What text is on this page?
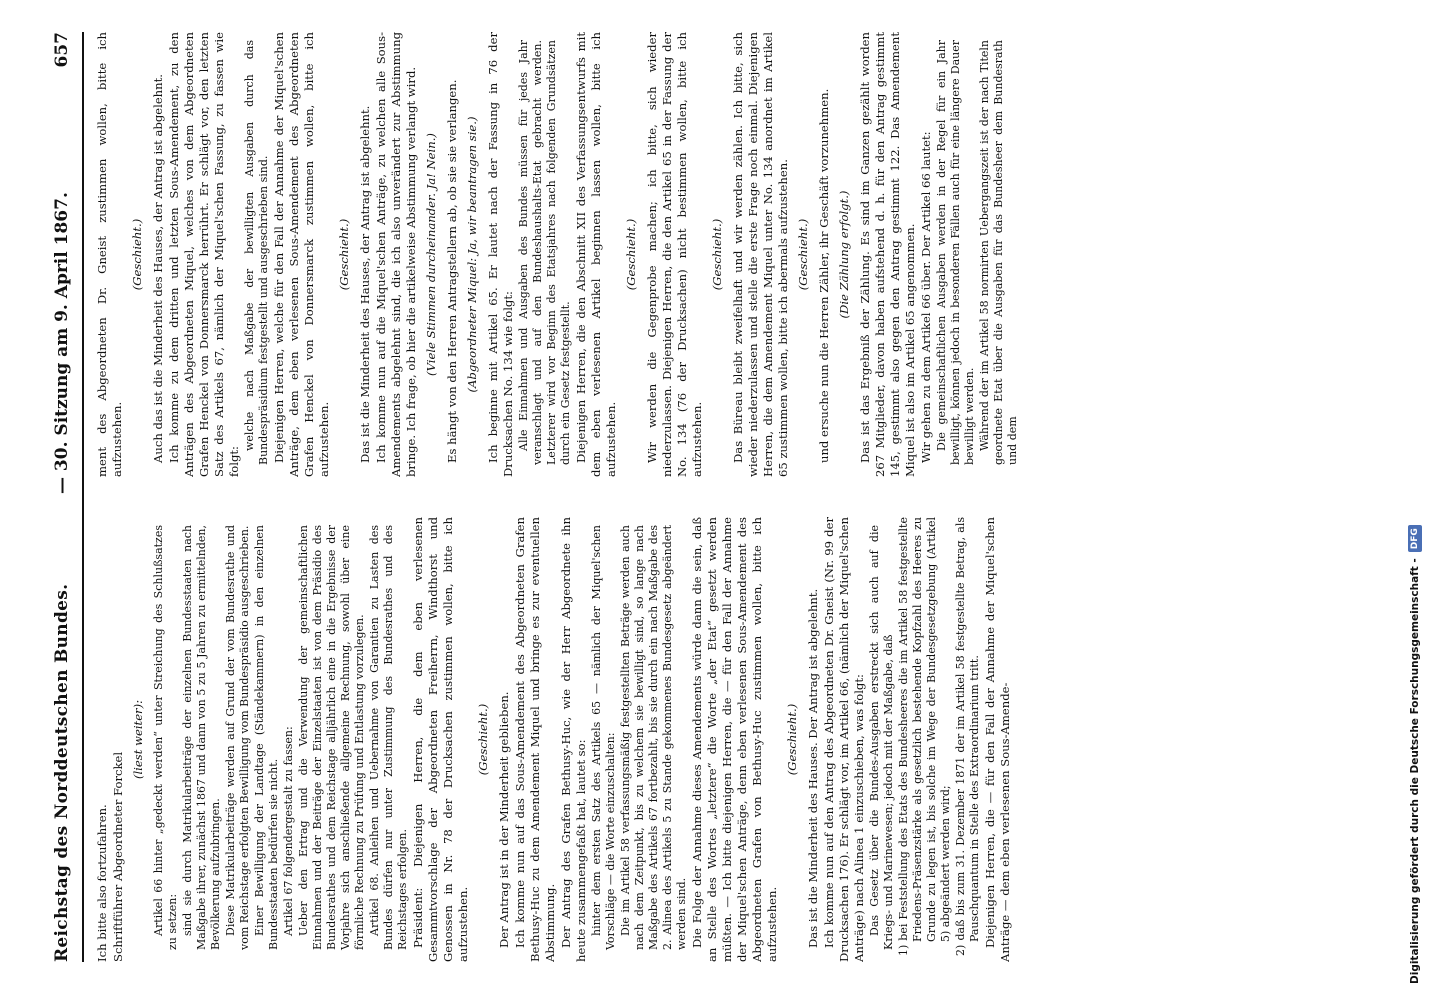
Reichstag des Norddeutschen Bundes.
— 30. Sitzung am 9. April 1867.
657

Ich bitte also fortzufahren. Schriftführer Abgeordneter Forckel

(liest weiter): Artikel 66 hinter „gedeckt werden“ unter Streichung des Schlußsatzes zu setzen: sind sie durch Matrikularbeiträge der einzelnen Bundesstaaten nach Maßgabe ihrer, zunächst 1867 und dann von 5 zu 5 Jahren zu ermittelnden, Bevölkerung aufzubringen. Diese Matrikularbeiträge werden auf Grund der vom Bundesrathe und vom Reichstage erfolgten Bewilligung vom Bundespräsidio ausgeschrieben. Einer Bewilligung der Landtage (Ständekammern) in den einzelnen Bundesstaaten bedürfen sie nicht. Artikel 67 folgendergestalt zu fassen: Ueber den Ertrag und die Verwendung der gemeinschaftlichen Einnahmen und der Beiträge der Einzelstaaten ist von dem Präsidio des Bundesrathes und dem Reichstage alljährlich eine in die Ergebnisse der Vorjahre sich anschließende allgemeine Rechnung, sowohl über eine förmliche Rechnung zu Prüfung und Entlastung vorzulegen. Artikel 68. Anleihen und Uebernahme von Garantien zu Lasten des Bundes dürfen nur unter Zustimmung des Bundesrathes und des Reichstages erfolgen. Präsident: Diejenigen Herren, die dem eben verlesenen Gesammtvorschlage der Abgeordneten Freiherrn, Windthorst und Genossen in Nr. 78 der Drucksachen zustimmen wollen, bitte ich aufzustehen.

(Geschieht.) Der Antrag ist in der Minderheit geblieben. Ich komme nun auf das Sous-Amendement des Abgeordneten Grafen Bethusy-Huc zu dem Amendement Miquel und bringe es zur eventuellen Abstimmung. Der Antrag des Grafen Bethusy-Huc, wie der Herr Abgeordnete ihn heute zusammengefaßt hat, lautet so: hinter dem ersten Satz des Artikels 65 — nämlich der Miquel'schen Vorschläge — die Worte einzuschalten: Die im Artikel 58 verfassungsmäßig festgestellten Beträge werden auch nach dem Zeitpunkt, bis zu welchem sie bewilligt sind, so lange nach Maßgabe des Artikels 67 fortbezahlt, bis sie durch ein nach Maßgabe des 2. Alinea des Artikels 5 zu Stande gekommenes Bundesgesetz abgeändert werden sind. Die Folge der Annahme dieses Amendements würde dann die sein, daß an Stelle des Wortes „letztere“ die Worte „der Etat“ gesetzt werden müßten. — Ich bitte diejenigen Herren, die — für den Fall der Annahme der Miquel'schen Anträge, denn eben verlesenen Sous-Amendement des Abgeordneten Grafen von Bethusy-Huc zustimmen wollen, bitte ich aufzustehen.

(Geschieht.) Das ist die Minderheit des Hauses. Der Antrag ist abgelehnt. Ich komme nun auf den Antrag des Abgeordneten Dr. Gneist (Nr. 99 der Drucksachen 176). Er schlägt vor, im Artikel 66, (nämlich der Miquel'schen Anträge) nach Alinea 1 einzuschieben, was folgt: Das Gesetz über die Bundes-Ausgaben erstreckt sich auch auf die Kriegs- und Marinewesen; jedoch mit der Maßgabe, daß 1) bei Feststellung des Etats des Bundesheeres die im Artikel 58 festgestellte Friedens-Präsenzstärke als gesetzlich bestehende Kopfzahl des Heeres zu Grunde zu legen ist, bis solche im Wege der Bundesgesetzgebung (Artikel 5) abgeändert werden wird; 2) daß bis zum 31. Dezember 1871 der im Artikel 58 festgestellte Betrag, als Pauschquantum in Stelle des Extraordinarium tritt. Diejenigen Herren, die — für den Fall der Annahme der Miquel'schen Anträge — dem eben verlesenen Sous-Amende-

ment des Abgeordneten Dr. Gneist zustimmen wollen, bitte ich aufzustehen.

(Geschieht.) Auch das ist die Minderheit des Hauses, der Antrag ist abgelehnt. Ich komme zu dem dritten und letzten Sous-Amendement, zu den Anträgen des Abgeordneten Miquel, welches von dem Abgeordneten Grafen Henckel von Donnersmarck herrührt. Er schlägt vor, den letzten Satz des Artikels 67, nämlich der Miquel'schen Fassung, zu fassen wie folgt:

welche nach Maßgabe der bewilligten Ausgaben durch das Bundespräsidium festgestellt und ausgeschrieben sind. Diejenigen Herren, welche für den Fall der Annahme der Miquel'schen Anträge, dem eben verlesenen Sous-Amendement des Abgeordneten Grafen Henckel von Donnersmarck zustimmen wollen, bitte ich aufzustehen.

(Geschieht.) Das ist die Minderheit des Hauses, der Antrag ist abgelehnt. Ich komme nun auf die Miquel'schen Anträge, zu welchen alle Sous-Amendements abgelehnt sind, die ich also unverändert zur Abstimmung bringe. Ich frage, ob hier die artikelweise Abstimmung verlangt wird. (Viele Stimmen durcheinander. Ja! Nein.) Es hängt von den Herren Antragstellern ab, ob sie sie verlangen. (Abgeordneter Miquel: Ja, wir beantragen sie.) Ich beginne mit Artikel 65. Er lautet nach der Fassung in 76 der Drucksachen No. 134 wie folgt: Alle Einnahmen und Ausgaben des Bundes müssen für jedes Jahr veranschlagt und auf den Bundeshaushalts-Etat gebracht werden. Letzterer wird vor Beginn des Etatsjahres nach folgenden Grundsätzen durch ein Gesetz festgestellt. Diejenigen Herren, die den Abschnitt XII des Verfassungsentwurfs mit dem eben verlesenen Artikel beginnen lassen wollen, bitte ich aufzustehen.

(Geschieht.) Wir werden die Gegenprobe machen; ich bitte, sich wieder niederzulassen. Diejenigen Herren, die den Artikel 65 in der Fassung der No. 134 (76 der Drucksachen) nicht bestimmen wollen, bitte ich aufzustehen.

(Geschieht.) Das Büreau bleibt zweifelhaft und wir werden zählen. Ich bitte, sich wieder niederzulassen und stelle die erste Frage noch einmal. Diejenigen Herren, die dem Amendement Miquel unter No. 134 anordnet im Artikel 65 zustimmen wollen, bitte ich abermals aufzustehen. (Geschieht.) und ersuche nun die Herren Zähler, ihr Geschäft vorzunehmen. (Die Zählung erfolgt.) Das ist das Ergebniß der Zählung. Es sind im Ganzen gezählt worden 267 Mitglieder, davon haben aufstehend d. h. für den Antrag gestimmt 145, gestimmt also gegen den Antrag gestimmt 122. Das Amendement Miquel ist also im Artikel 65 angenommen. Wir gehen zu dem Artikel 66 über. Der Artikel 66 lautet: Die gemeinschaftlichen Ausgaben werden in der Regel für ein Jahr bewilligt, können jedoch in besonderen Fällen auch für eine längere Dauer bewilligt werden. Während der im Artikel 58 normirten Uebergangszeit ist der nach Titeln geordnete Etat über die Ausgaben für das Bundesheer dem Bundesrath und dem

Digitalisierung gefördert durch die Deutsche Forschungsgemeinschaft -DFG
